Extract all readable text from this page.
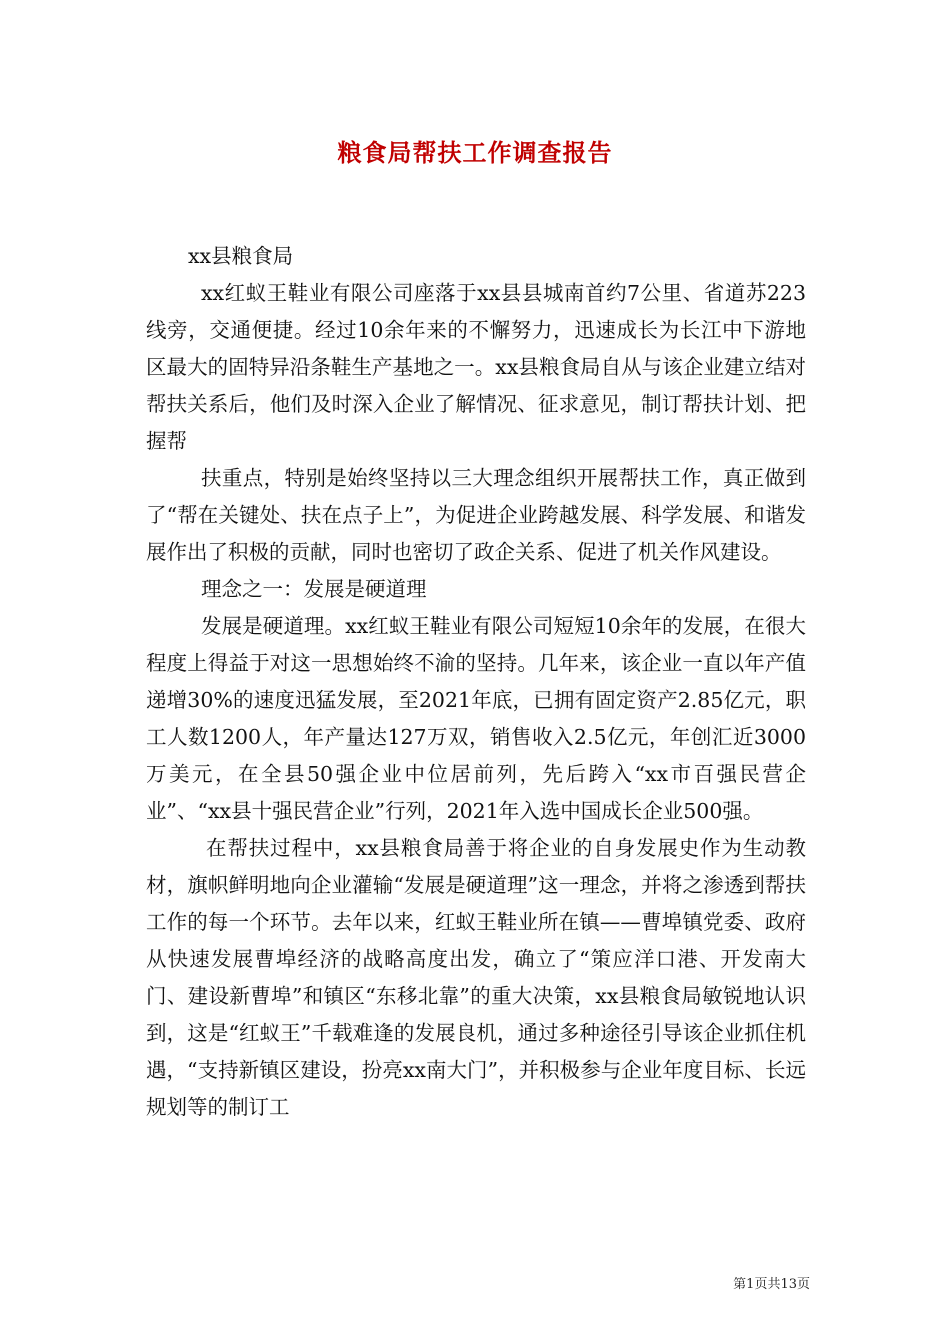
粮食局帮扶工作调查报告

xx县粮食局

xx红蚁王鞋业有限公司座落于xx县县城南首约7公里、省道苏223线旁，交通便捷。经过10余年来的不懈努力，迅速成长为长江中下游地区最大的固特异沿条鞋生产基地之一。xx县粮食局自从与该企业建立结对帮扶关系后，他们及时深入企业了解情况、征求意见，制订帮扶计划、把握帮

扶重点，特别是始终坚持以三大理念组织开展帮扶工作，真正做到了“帮在关键处、扶在点子上”，为促进企业跨越发展、科学发展、和谐发展作出了积极的贡献，同时也密切了政企关系、促进了机关作风建设。

理念之一：发展是硬道理

发展是硬道理。xx红蚁王鞋业有限公司短短10余年的发展，在很大程度上得益于对这一思想始终不渝的坚持。几年来，该企业一直以年产值递增30%的速度迅猛发展，至2021年底，已拥有固定资产2.85亿元，职工人数1200人，年产量达127万双，销售收入2.5亿元，年创汇近3000万美元，在全县50强企业中位居前列，先后跨入“xx市百强民营企业”、“xx县十强民营企业”行列，2021年入选中国成长企业500强。

在帮扶过程中，xx县粮食局善于将企业的自身发展史作为生动教材，旗帜鲜明地向企业灌输“发展是硬道理”这一理念，并将之渗透到帮扶工作的每一个环节。去年以来，红蚁王鞋业所在镇——曹埠镇党委、政府从快速发展曹埠经济的战略高度出发，确立了“策应洋口港、开发南大门、建设新曹埠”和镇区“东移北靠”的重大决策，xx县粮食局敏锐地认识到，这是“红蚁王”千载难逢的发展良机，通过多种途径引导该企业抓住机遇，“支持新镇区建设，扮亮xx南大门”，并积极参与企业年度目标、长远规划等的制订工

第1页共13页
